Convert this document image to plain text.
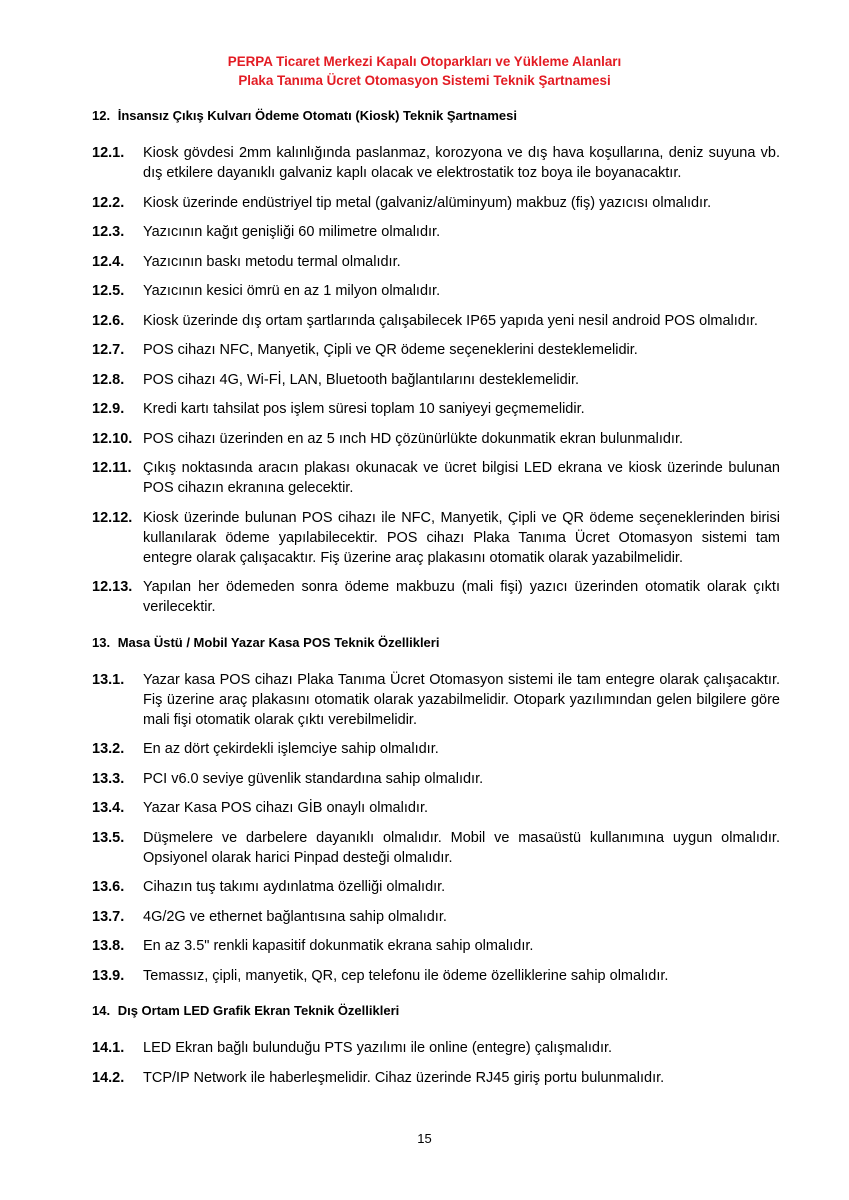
PERPA Ticaret Merkezi Kapalı Otoparkları ve Yükleme Alanları
Plaka Tanıma Ücret Otomasyon Sistemi Teknik Şartnamesi
12. İnsansız Çıkış Kulvarı Ödeme Otomatı (Kiosk) Teknik Şartnamesi
12.1.	Kiosk gövdesi 2mm kalınlığında paslanmaz, korozyona ve dış hava koşullarına, deniz suyuna vb. dış etkilere dayanıklı galvaniz kaplı olacak ve elektrostatik toz boya ile boyanacaktır.
12.2.	Kiosk üzerinde endüstriyel tip metal (galvaniz/alüminyum) makbuz (fiş) yazıcısı olmalıdır.
12.3.	Yazıcının kağıt genişliği 60 milimetre olmalıdır.
12.4.	Yazıcının baskı metodu termal olmalıdır.
12.5.	Yazıcının kesici ömrü en az 1 milyon olmalıdır.
12.6.	Kiosk üzerinde dış ortam şartlarında çalışabilecek IP65 yapıda yeni nesil android POS olmalıdır.
12.7.	POS cihazı NFC, Manyetik, Çipli ve QR ödeme seçeneklerini desteklemelidir.
12.8.	POS cihazı 4G, Wi-Fİ, LAN, Bluetooth bağlantılarını desteklemelidir.
12.9.	Kredi kartı tahsilat pos işlem süresi toplam 10 saniyeyi geçmemelidir.
12.10. POS cihazı üzerinden en az 5 ınch HD çözünürlükte dokunmatik ekran bulunmalıdır.
12.11. Çıkış noktasında aracın plakası okunacak ve ücret bilgisi LED ekrana ve kiosk üzerinde bulunan POS cihazın ekranına gelecektir.
12.12. Kiosk üzerinde bulunan POS cihazı ile NFC, Manyetik, Çipli ve QR ödeme seçeneklerinden birisi kullanılarak ödeme yapılabilecektir. POS cihazı Plaka Tanıma Ücret Otomasyon sistemi tam entegre olarak çalışacaktır. Fiş üzerine araç plakasını otomatik olarak yazabilmelidir.
12.13. Yapılan her ödemeden sonra ödeme makbuzu (mali fişi) yazıcı üzerinden otomatik olarak çıktı verilecektir.
13. Masa Üstü / Mobil Yazar Kasa POS Teknik Özellikleri
13.1.	Yazar kasa POS cihazı Plaka Tanıma Ücret Otomasyon sistemi ile tam entegre olarak çalışacaktır. Fiş üzerine araç plakasını otomatik olarak yazabilmelidir. Otopark yazılımından gelen bilgilere göre mali fişi otomatik olarak çıktı verebilmelidir.
13.2.	En az dört çekirdekli işlemciye sahip olmalıdır.
13.3.	PCI v6.0 seviye güvenlik standardına sahip olmalıdır.
13.4.	Yazar Kasa POS cihazı GİB onaylı olmalıdır.
13.5.	Düşmelere ve darbelere dayanıklı olmalıdır. Mobil ve masaüstü kullanımına uygun olmalıdır. Opsiyonel olarak harici Pinpad desteği olmalıdır.
13.6.	Cihazın tuş takımı aydınlatma özelliği olmalıdır.
13.7.	4G/2G ve ethernet bağlantısına sahip olmalıdır.
13.8.	En az 3.5" renkli kapasitif dokunmatik ekrana sahip olmalıdır.
13.9.	Temassız, çipli, manyetik, QR, cep telefonu ile ödeme özelliklerine sahip olmalıdır.
14. Dış Ortam LED Grafik Ekran Teknik Özellikleri
14.1.	LED Ekran bağlı bulunduğu PTS yazılımı ile online (entegre) çalışmalıdır.
14.2.	TCP/IP Network ile haberleşmelidir. Cihaz üzerinde RJ45 giriş portu bulunmalıdır.
15
